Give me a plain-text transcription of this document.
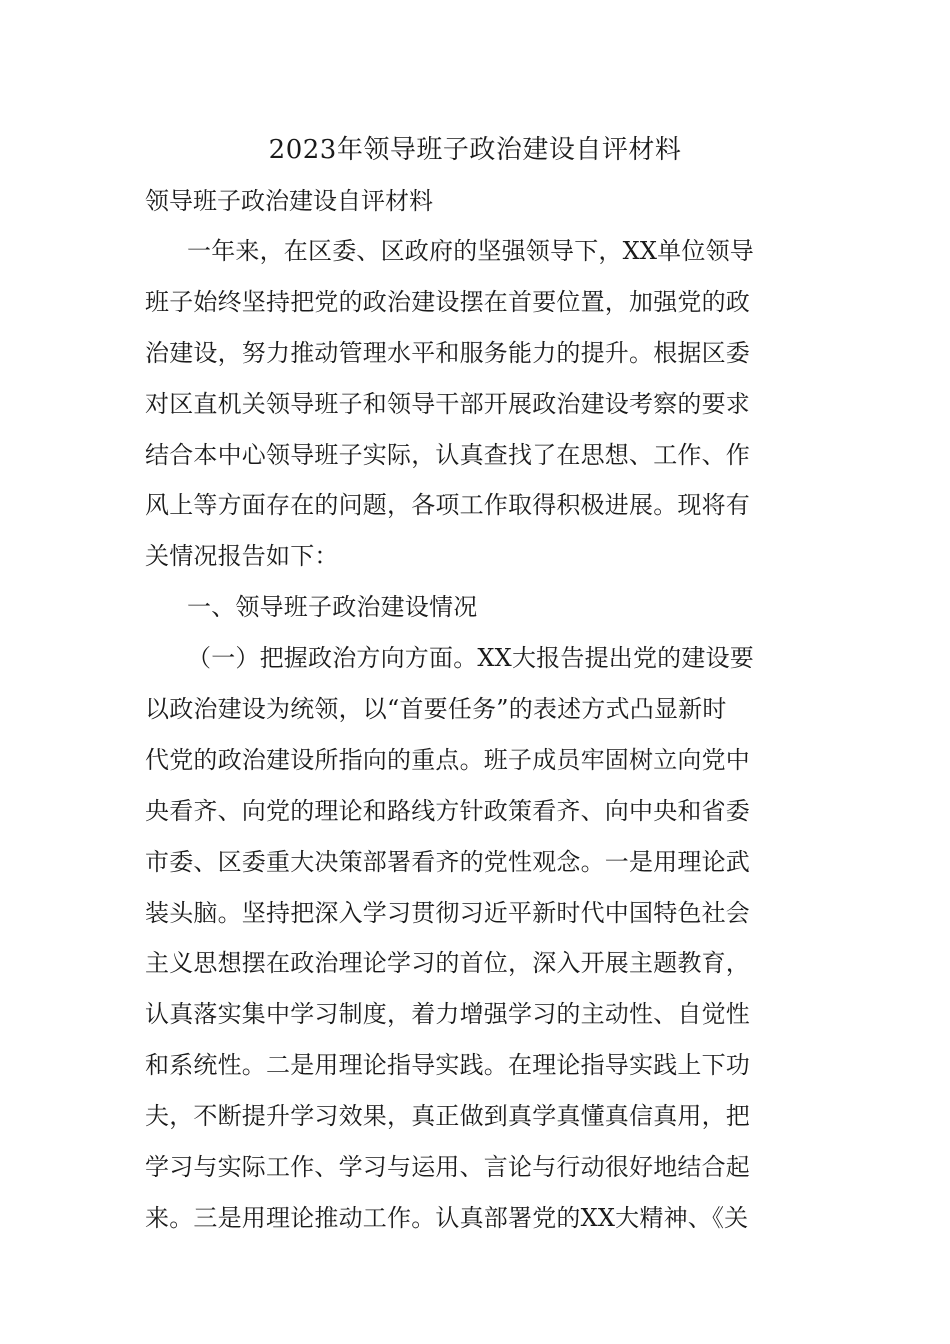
2023年领导班子政治建设自评材料
领导班子政治建设自评材料
一年来，在区委、区政府的坚强领导下，XX单位领导
班子始终坚持把党的政治建设摆在首要位置，加强党的政
治建设，努力推动管理水平和服务能力的提升。根据区委
对区直机关领导班子和领导干部开展政治建设考察的要求
结合本中心领导班子实际，认真查找了在思想、工作、作
风上等方面存在的问题，各项工作取得积极进展。现将有
关情况报告如下：
一、领导班子政治建设情况
（一）把握政治方向方面。XX大报告提出党的建设要
以政治建设为统领，以“首要任务”的表述方式凸显新时
代党的政治建设所指向的重点。班子成员牢固树立向党中
央看齐、向党的理论和路线方针政策看齐、向中央和省委
市委、区委重大决策部署看齐的党性观念。一是用理论武
装头脑。坚持把深入学习贯彻习近平新时代中国特色社会
主义思想摆在政治理论学习的首位，深入开展主题教育，
认真落实集中学习制度，着力增强学习的主动性、自觉性
和系统性。二是用理论指导实践。在理论指导实践上下功
夫，不断提升学习效果，真正做到真学真懂真信真用，把
学习与实际工作、学习与运用、言论与行动很好地结合起
来。三是用理论推动工作。认真部署党的XX大精神、《关
